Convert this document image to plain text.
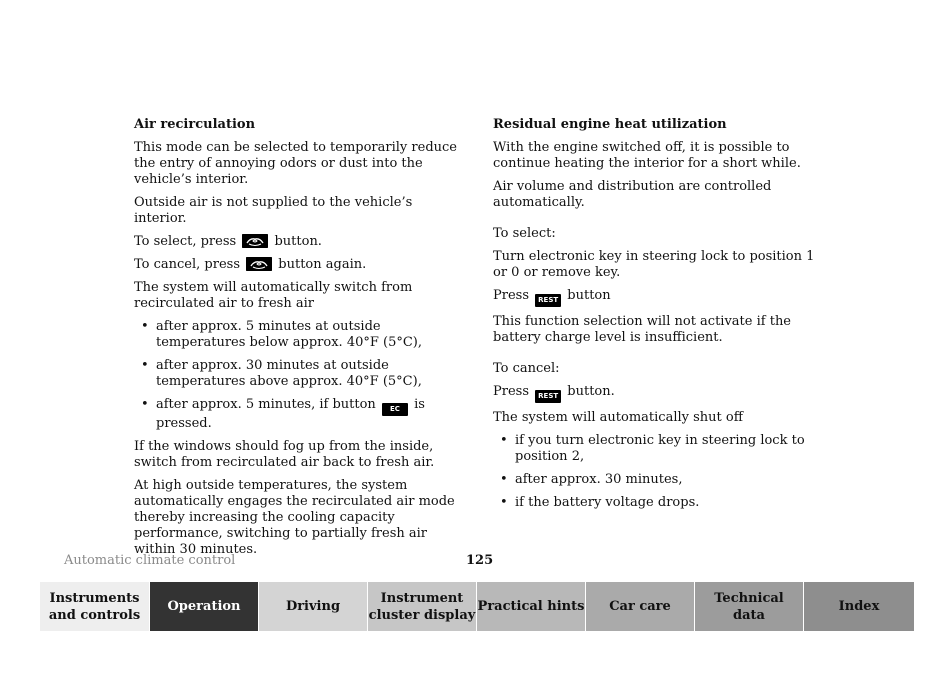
Air recirculation

This mode can be selected to temporarily reduce the entry of annoying odors or dust into the vehicle’s interior.

Outside air is not supplied to the vehicle’s interior.

To select, press	button.

To cancel, press	button again.

The system will automatically switch from recirculated air to fresh air

• after approx. 5 minutes at outside temperatures below approx. 40°F (5°C),
• after approx. 30 minutes at outside temperatures above approx. 40°F (5°C),
• after approx. 5 minutes, if button EC is pressed.

If the windows should fog up from the inside, switch from recirculated air back to fresh air.

At high outside temperatures, the system automatically engages the recirculated air mode thereby increasing the cooling capacity performance, switching to partially fresh air within 30 minutes.

Residual engine heat utilization

With the engine switched off, it is possible to continue heating the interior for a short while.

Air volume and distribution are controlled automatically.

To select:

Turn electronic key in steering lock to position 1 or 0 or remove key.

Press REST button

This function selection will not activate if the battery charge level is insufficient.

To cancel:

Press REST button.

The system will automatically shut off

• if you turn electronic key in steering lock to position 2,
• after approx. 30 minutes,
• if the battery voltage drops.
Automatic climate control	125
Instruments
and controls
Operation	Driving
Instrument
cluster display
Practical hints Car care
Technical
data
Index
